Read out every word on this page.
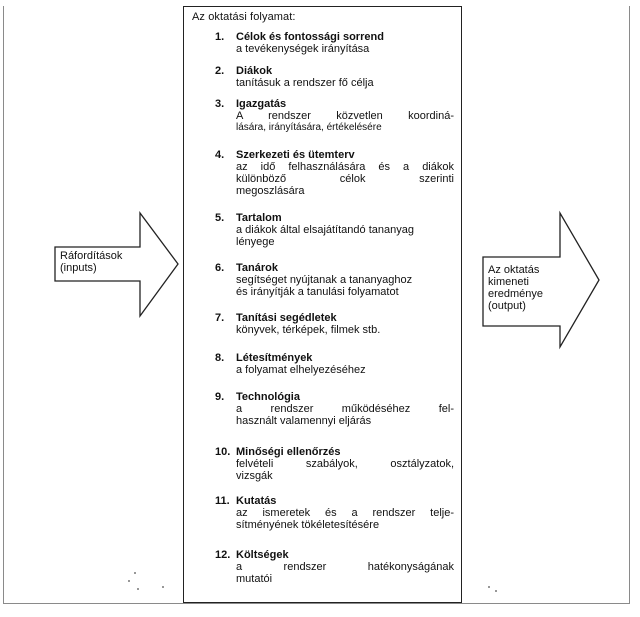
Ráfordítások
(inputs)	Az oktatás
kimeneti
eredménye
(output)
Az oktatási folyamat:
1. Célok és fontossági sorrend
a tevékenységek irányítása
2. Diákok
tanításuk a rendszer fő célja
3. Igazgatás
A rendszer közvetlen koordiná-
lására, irányítására, értékelésére
4. Szerkezeti és ütemterv
az idő felhasználására és a diákok
különböző célok szerinti
megoszlására
5. Tartalom
a diákok által elsajátítandó tananyag
lényege
6. Tanárok
segítséget nyújtanak a tananyaghoz
és irányítják a tanulási folyamatot
7. Tanítási segédletek
könyvek, térképek, filmek stb.
8. Létesítmények
a folyamat elhelyezéséhez
9. Technológia
a rendszer működéséhez fel-
használt valamennyi eljárás
10. Minőségi ellenőrzés
felvételi szabályok, osztályzatok,
vizsgák
11. Kutatás
az ismeretek és a rendszer telje-
sítményének tökéletesítésére
12. Költségek
a rendszer hatékonyságának
mutatói
